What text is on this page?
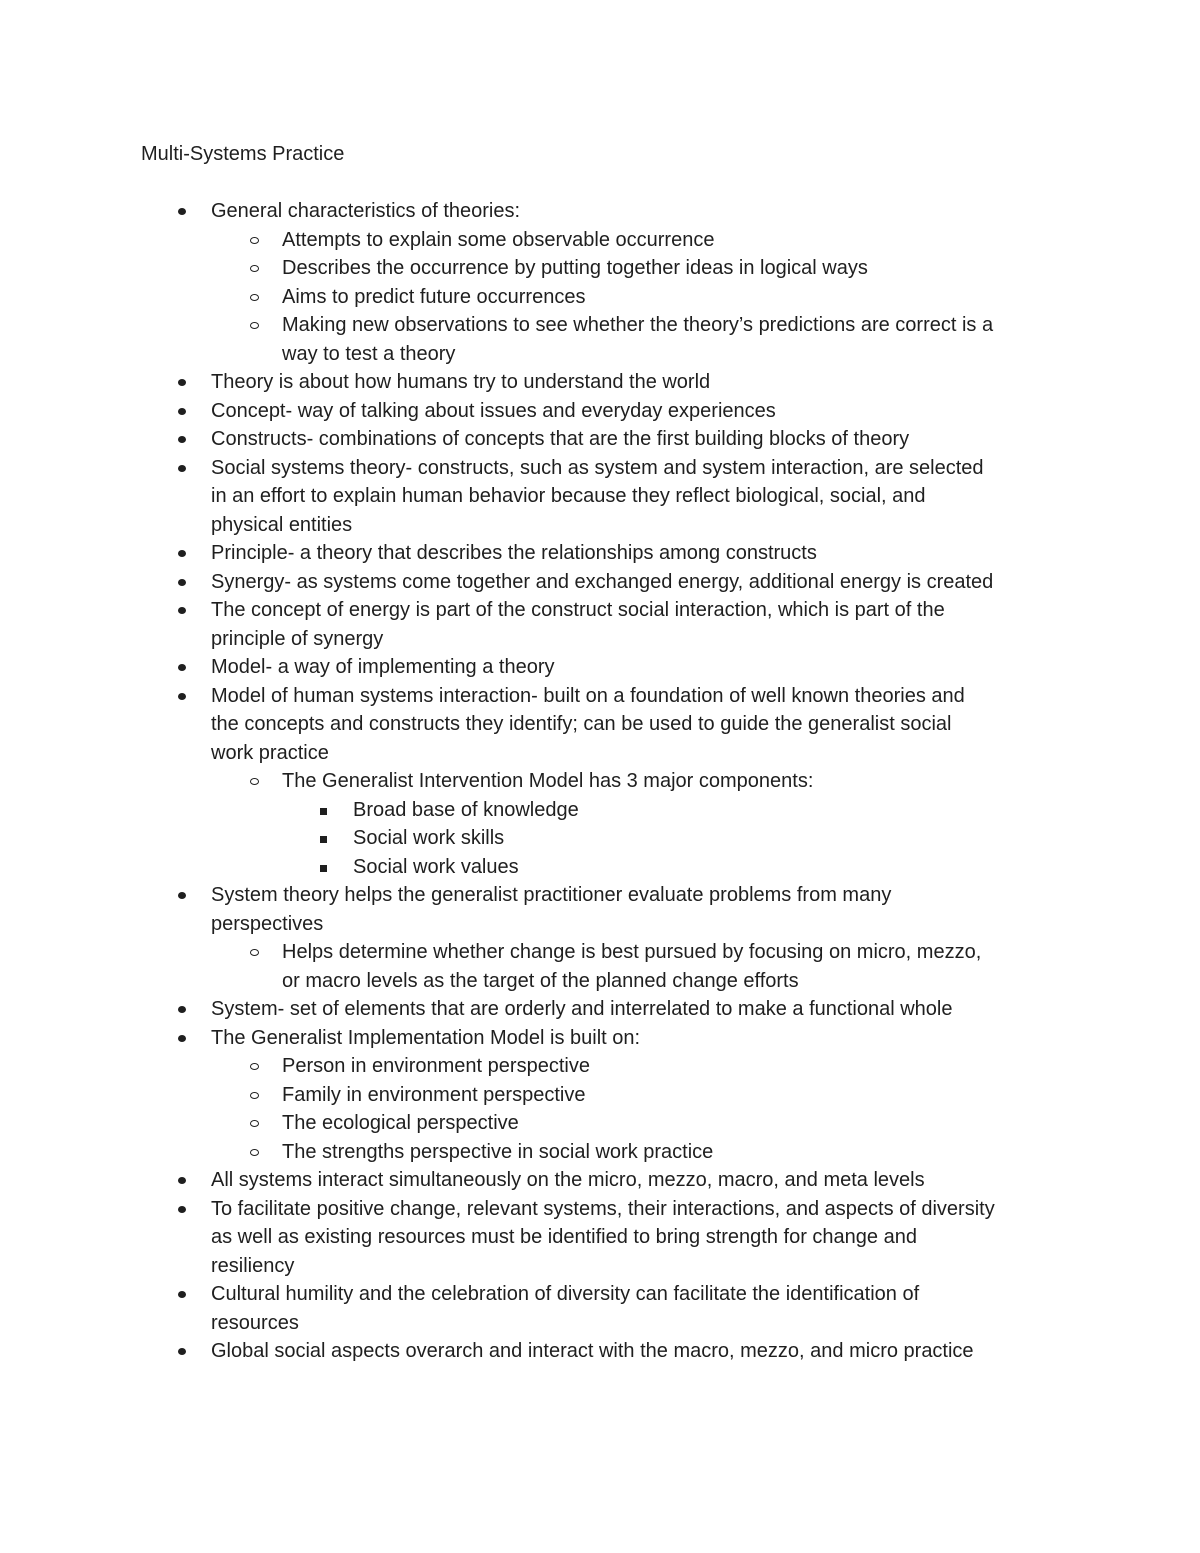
Multi-Systems Practice
General characteristics of theories:
Attempts to explain some observable occurrence
Describes the occurrence by putting together ideas in logical ways
Aims to predict future occurrences
Making new observations to see whether the theory’s predictions are correct is a
way to test a theory
Theory is about how humans try to understand the world
Concept- way of talking about issues and everyday experiences
Constructs- combinations of concepts that are the first building blocks of theory
Social systems theory- constructs, such as system and system interaction, are selected
in an effort to explain human behavior because they reflect biological, social, and
physical entities
Principle- a theory that describes the relationships among constructs
Synergy- as systems come together and exchanged energy, additional energy is created
The concept of energy is part of the construct social interaction, which is part of the
principle of synergy
Model- a way of implementing a theory
Model of human systems interaction- built on a foundation of well known theories and
the concepts and constructs they identify; can be used to guide the generalist social
work practice
The Generalist Intervention Model has 3 major components:
Broad base of knowledge
Social work skills
Social work values
System theory helps the generalist practitioner evaluate problems from many
perspectives
Helps determine whether change is best pursued by focusing on micro, mezzo,
or macro levels as the target of the planned change efforts
System- set of elements that are orderly and interrelated to make a functional whole
The Generalist Implementation Model is built on:
Person in environment perspective
Family in environment perspective
The ecological perspective
The strengths perspective in social work practice
All systems interact simultaneously on the micro, mezzo, macro, and meta levels
To facilitate positive change, relevant systems, their interactions, and aspects of diversity
as well as existing resources must be identified to bring strength for change and
resiliency
Cultural humility and the celebration of diversity can facilitate the identification of
resources
Global social aspects overarch and interact with the macro, mezzo, and micro practice
